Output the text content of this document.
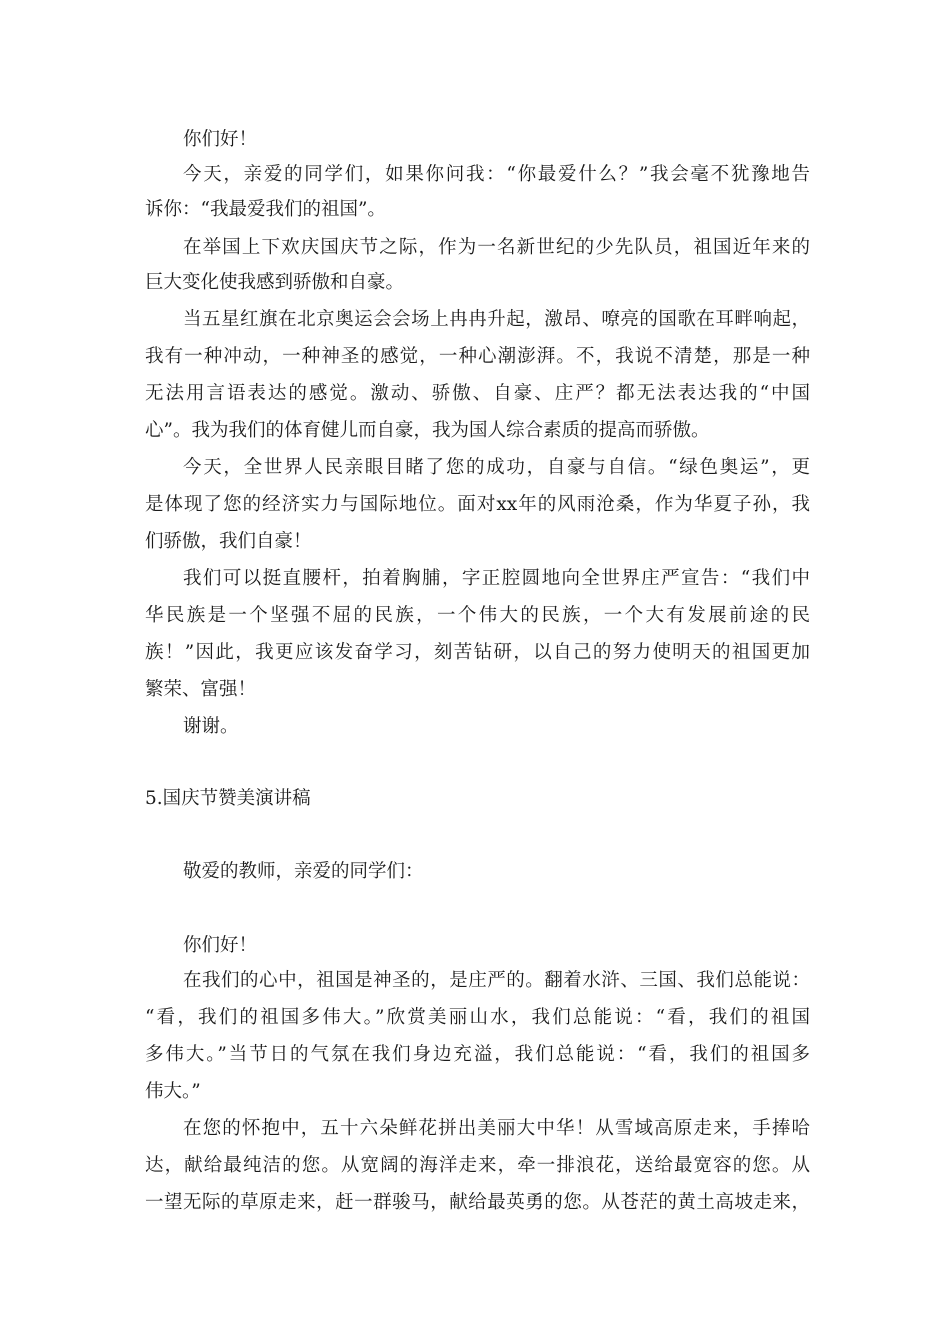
你们好！
今天，亲爱的同学们，如果你问我：“你最爱什么？”我会毫不犹豫地告
诉你：“我最爱我们的祖国”。
在举国上下欢庆国庆节之际，作为一名新世纪的少先队员，祖国近年来的
巨大变化使我感到骄傲和自豪。
当五星红旗在北京奥运会会场上冉冉升起，激昂、嘹亮的国歌在耳畔响起，
我有一种冲动，一种神圣的感觉，一种心潮澎湃。不，我说不清楚，那是一种
无法用言语表达的感觉。激动、骄傲、自豪、庄严？都无法表达我的“中国
心”。我为我们的体育健儿而自豪，我为国人综合素质的提高而骄傲。
今天，全世界人民亲眼目睹了您的成功，自豪与自信。“绿色奥运”，更
是体现了您的经济实力与国际地位。面对xx年的风雨沧桑，作为华夏子孙，我
们骄傲，我们自豪！
我们可以挺直腰杆，拍着胸脯，字正腔圆地向全世界庄严宣告：“我们中
华民族是一个坚强不屈的民族，一个伟大的民族，一个大有发展前途的民
族！”因此，我更应该发奋学习，刻苦钻研，以自己的努力使明天的祖国更加
繁荣、富强！
谢谢。
5.国庆节赞美演讲稿
敬爱的教师，亲爱的同学们：
你们好！
在我们的心中，祖国是神圣的，是庄严的。翻着水浒、三国、我们总能说：
“看，我们的祖国多伟大。”欣赏美丽山水，我们总能说：“看，我们的祖国
多伟大。”当节日的气氛在我们身边充溢，我们总能说：“看，我们的祖国多
伟大。”
在您的怀抱中，五十六朵鲜花拼出美丽大中华！从雪域高原走来，手捧哈
达，献给最纯洁的您。从宽阔的海洋走来，牵一排浪花，送给最宽容的您。从
一望无际的草原走来，赶一群骏马，献给最英勇的您。从苍茫的黄土高坡走来，
